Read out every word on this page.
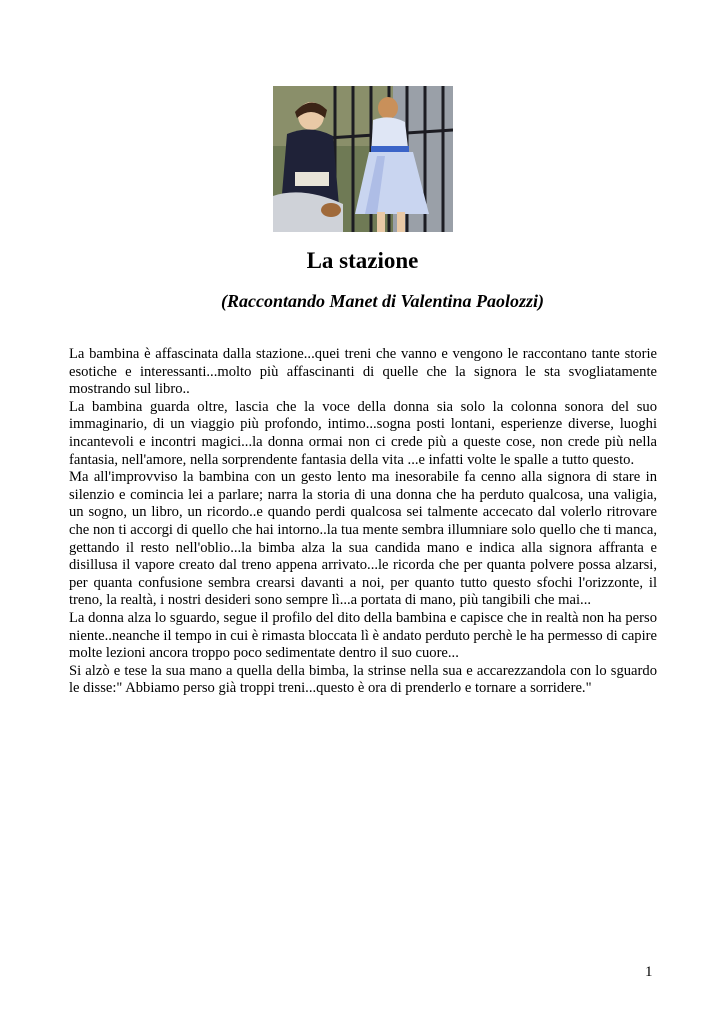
La stazione
(Raccontando Manet di Valentina Paolozzi)

La bambina è affascinata dalla stazione...quei treni che vanno e vengono le raccontano tante storie esotiche e interessanti...molto più affascinanti di quelle che la signora le sta svogliatamente mostrando sul libro..

La bambina guarda oltre, lascia che la voce della donna sia solo la colonna sonora del suo immaginario, di un viaggio più profondo, intimo...sogna posti lontani, esperienze diverse, luoghi incantevoli e incontri magici...la donna ormai non ci crede più a queste cose, non crede più nella fantasia, nell'amore, nella sorprendente fantasia della vita ...e infatti volte le spalle a tutto questo.

Ma all'improvviso la bambina con un gesto lento ma inesorabile fa cenno alla signora di stare in silenzio e comincia lei a parlare; narra la storia di una donna che ha perduto qualcosa, una valigia, un sogno, un libro, un ricordo..e quando perdi qualcosa sei talmente accecato dal volerlo ritrovare che non ti accorgi di quello che hai intorno..la tua mente sembra illumniare solo quello che ti manca, gettando il resto nell'oblio...la bimba alza la sua candida mano e indica alla signora affranta e disillusa il vapore creato dal treno appena arrivato...le ricorda che per quanta polvere possa alzarsi, per quanta confusione sembra crearsi davanti a noi, per quanto tutto questo sfochi l'orizzonte, il treno, la realtà, i nostri desideri sono sempre lì...a portata di mano, più tangibili che mai...

La donna alza lo sguardo, segue il profilo del dito della bambina e capisce che in realtà non ha perso niente..neanche il tempo in cui è rimasta bloccata lì è andato perduto perchè le ha permesso di capire molte lezioni ancora troppo poco sedimentate dentro il suo cuore...

Si alzò e tese la sua mano a quella della bimba, la strinse nella sua e accarezzandola con lo sguardo le disse:" Abbiamo perso già troppi treni...questo è ora di prenderlo e tornare a sorridere."

1
